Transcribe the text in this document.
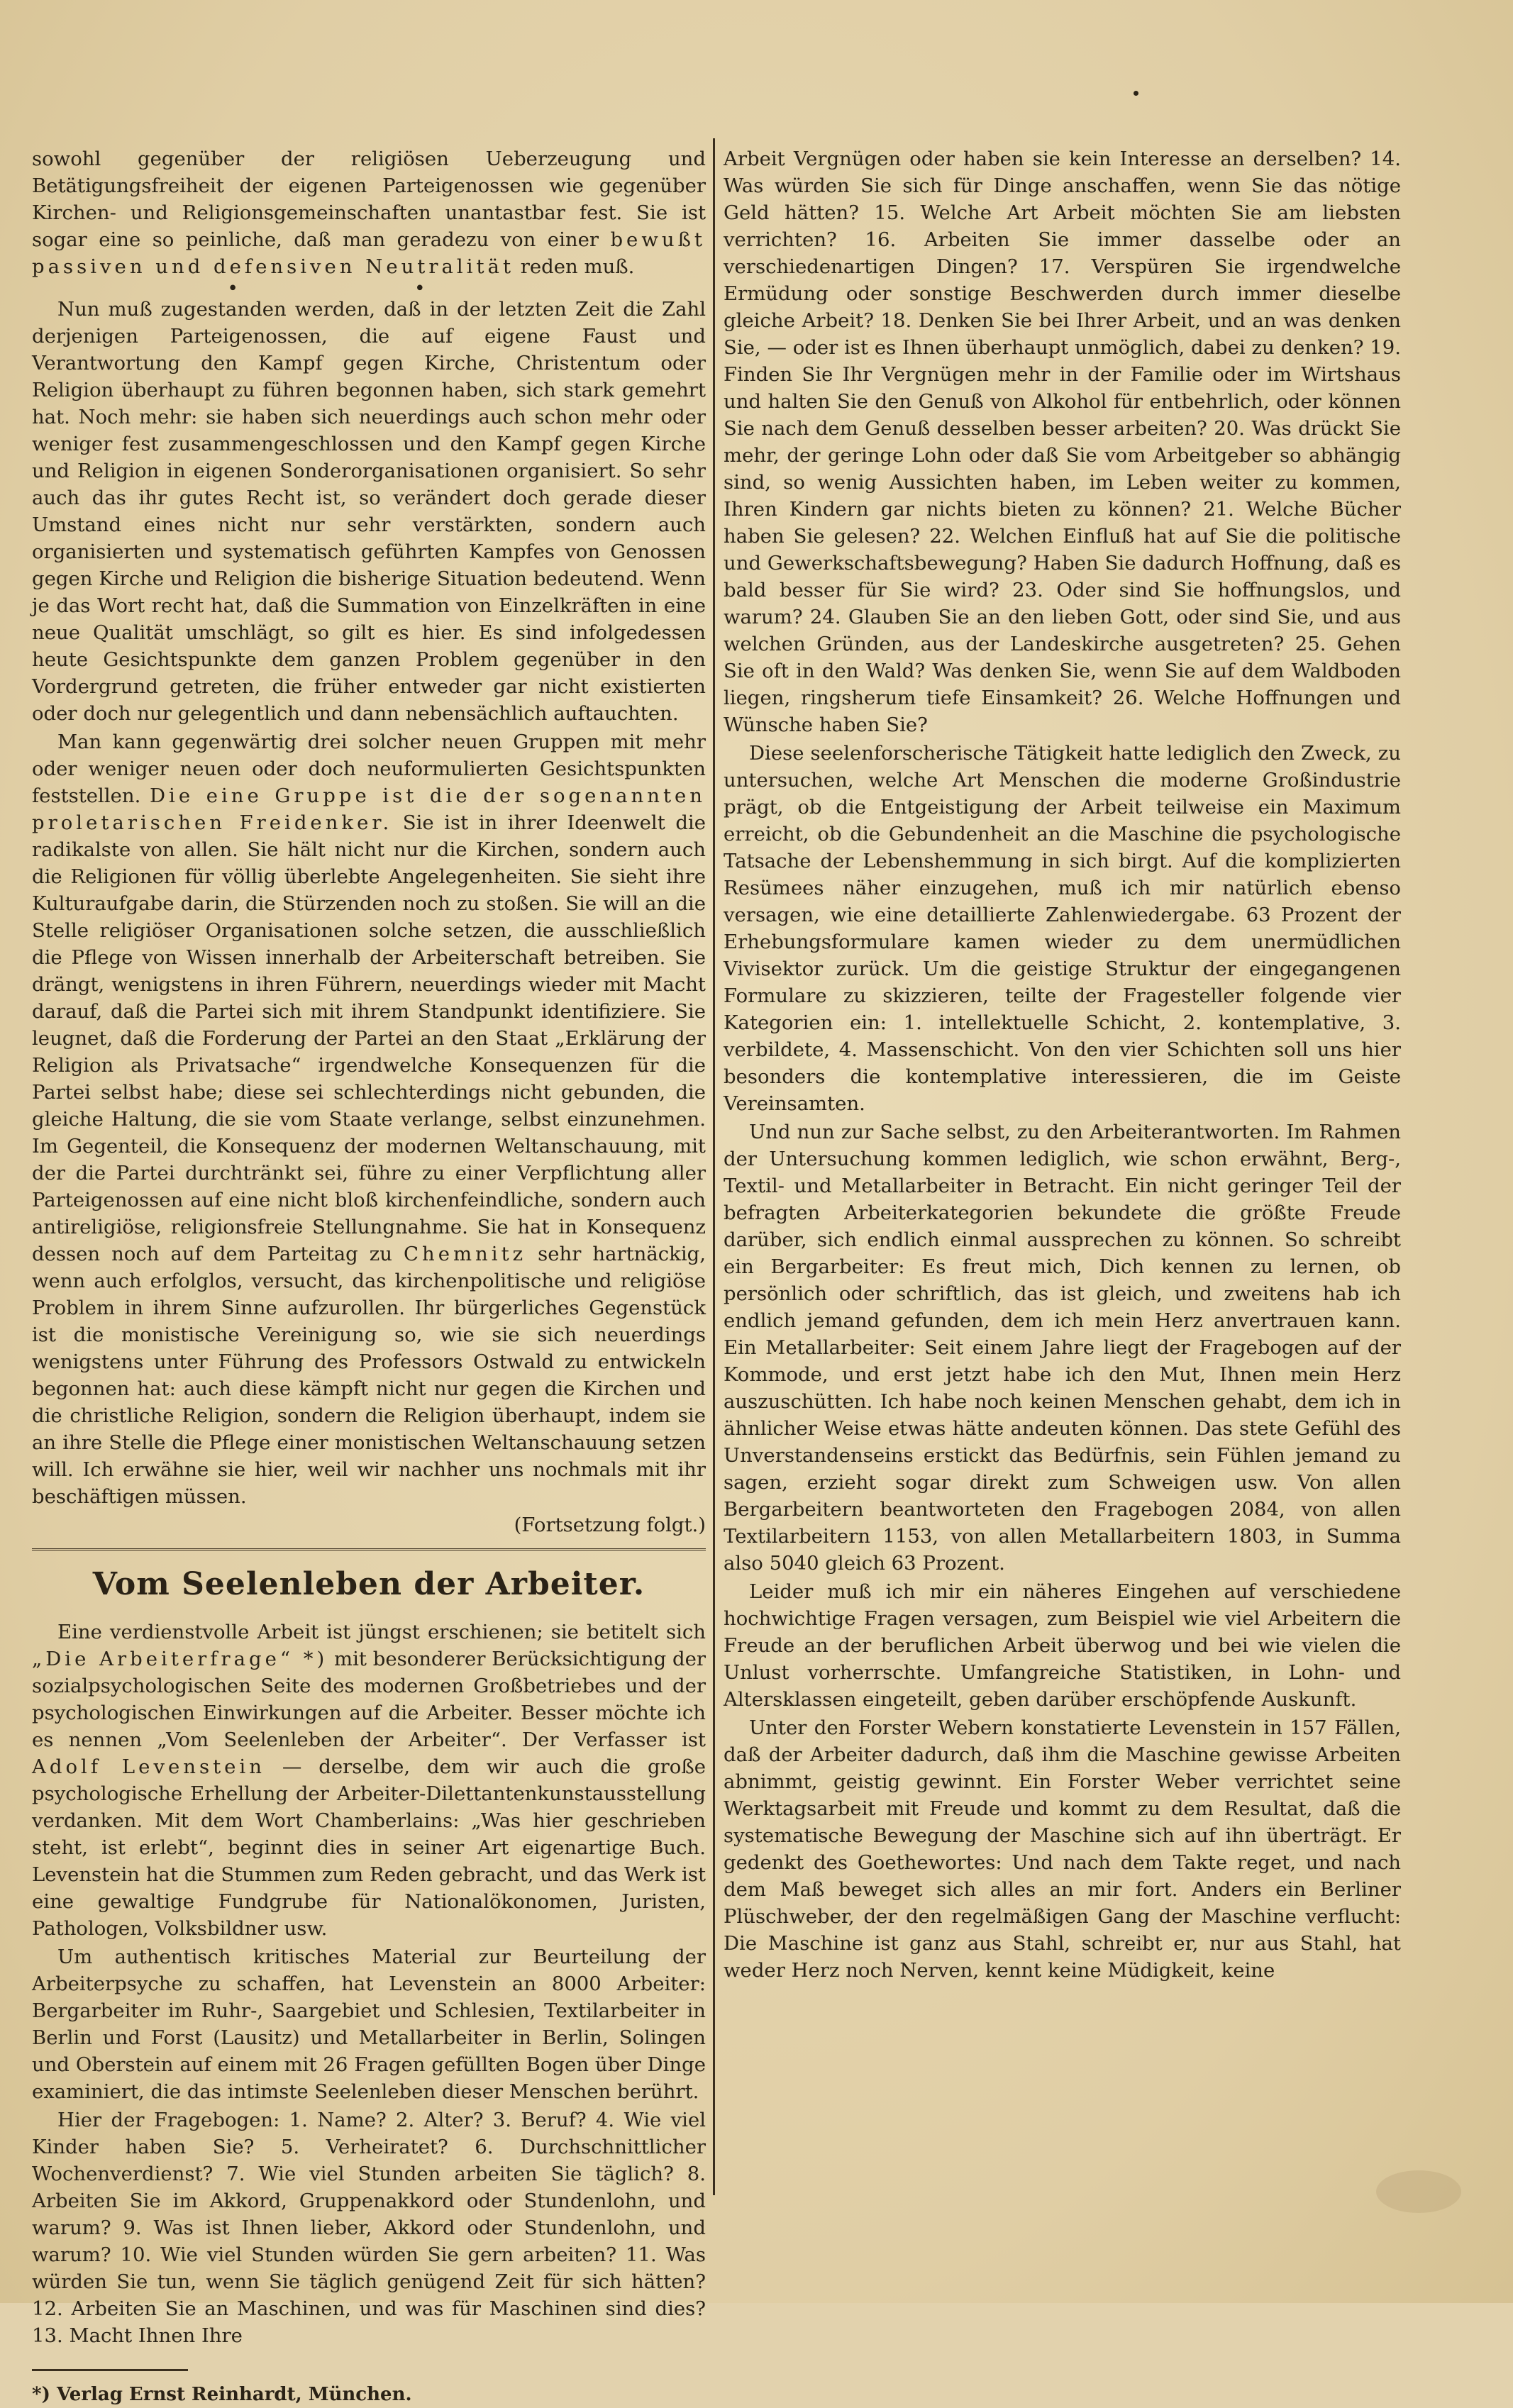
sowohl gegenüber der religiösen Ueberzeugung und Betätigungsfreiheit der eigenen Parteigenossen wie gegenüber Kirchen- und Religionsgemeinschaften unantastbar fest. Sie ist sogar eine so peinliche, daß man geradezu von einer bewußt passiven und defensiven Neutralität reden muß.

• •

Nun muß zugestanden werden, daß in der letzten Zeit die Zahl derjenigen Parteigenossen, die auf eigene Faust und Verantwortung den Kampf gegen Kirche, Christentum oder Religion überhaupt zu führen begonnen haben, sich stark gemehrt hat. Noch mehr: sie haben sich neuerdings auch schon mehr oder weniger fest zusammengeschlossen und den Kampf gegen Kirche und Religion in eigenen Sonderorganisationen organisiert. So sehr auch das ihr gutes Recht ist, so verändert doch gerade dieser Umstand eines nicht nur sehr verstärkten, sondern auch organisierten und systematisch geführten Kampfes von Genossen gegen Kirche und Religion die bisherige Situation bedeutend. Wenn je das Wort recht hat, daß die Summation von Einzelkräften in eine neue Qualität umschlägt, so gilt es hier. Es sind infolgedessen heute Gesichtspunkte dem ganzen Problem gegenüber in den Vordergrund getreten, die früher entweder gar nicht existierten oder doch nur gelegentlich und dann nebensächlich auftauchten.

Man kann gegenwärtig drei solcher neuen Gruppen mit mehr oder weniger neuen oder doch neuformulierten Gesichtspunkten feststellen. Die eine Gruppe ist die der sogenannten proletarischen Freidenker. Sie ist in ihrer Ideenwelt die radikalste von allen. Sie hält nicht nur die Kirchen, sondern auch die Religionen für völlig überlebte Angelegenheiten. Sie sieht ihre Kulturaufgabe darin, die Stürzenden noch zu stoßen. Sie will an die Stelle religiöser Organisationen solche setzen, die ausschließlich die Pflege von Wissen innerhalb der Arbeiterschaft betreiben. Sie drängt, wenigstens in ihren Führern, neuerdings wieder mit Macht darauf, daß die Partei sich mit ihrem Standpunkt identifiziere. Sie leugnet, daß die Forderung der Partei an den Staat „Erklärung der Religion als Privatsache“ irgendwelche Konsequenzen für die Partei selbst habe; diese sei schlechterdings nicht gebunden, die gleiche Haltung, die sie vom Staate verlange, selbst einzunehmen. Im Gegenteil, die Konsequenz der modernen Weltanschauung, mit der die Partei durchtränkt sei, führe zu einer Verpflichtung aller Parteigenossen auf eine nicht bloß kirchenfeindliche, sondern auch antireligiöse, religionsfreie Stellungnahme. Sie hat in Konsequenz dessen noch auf dem Parteitag zu Chemnitz sehr hartnäckig, wenn auch erfolglos, versucht, das kirchenpolitische und religiöse Problem in ihrem Sinne aufzurollen. Ihr bürgerliches Gegenstück ist die monistische Vereinigung so, wie sie sich neuerdings wenigstens unter Führung des Professors Ostwald zu entwickeln begonnen hat: auch diese kämpft nicht nur gegen die Kirchen und die christliche Religion, sondern die Religion überhaupt, indem sie an ihre Stelle die Pflege einer monistischen Weltanschauung setzen will. Ich erwähne sie hier, weil wir nachher uns nochmals mit ihr beschäftigen müssen.

(Fortsetzung folgt.)

Vom Seelenleben der Arbeiter.

Eine verdienstvolle Arbeit ist jüngst erschienen; sie betitelt sich „Die Arbeiterfrage“ *) mit besonderer Berücksichtigung der sozialpsychologischen Seite des modernen Großbetriebes und der psychologischen Einwirkungen auf die Arbeiter. Besser möchte ich es nennen „Vom Seelenleben der Arbeiter“. Der Verfasser ist Adolf Levenstein — derselbe, dem wir auch die große psychologische Erhellung der Arbeiter-Dilettantenkunstausstellung verdanken. Mit dem Wort Chamberlains: „Was hier geschrieben steht, ist erlebt“, beginnt dies in seiner Art eigenartige Buch. Levenstein hat die Stummen zum Reden gebracht, und das Werk ist eine gewaltige Fundgrube für Nationalökonomen, Juristen, Pathologen, Volksbildner usw.

Um authentisch kritisches Material zur Beurteilung der Arbeiterpsyche zu schaffen, hat Levenstein an 8000 Arbeiter: Bergarbeiter im Ruhr-, Saargebiet und Schlesien, Textilarbeiter in Berlin und Forst (Lausitz) und Metallarbeiter in Berlin, Solingen und Oberstein auf einem mit 26 Fragen gefüllten Bogen über Dinge examiniert, die das intimste Seelenleben dieser Menschen berührt.

Hier der Fragebogen: 1. Name? 2. Alter? 3. Beruf? 4. Wie viel Kinder haben Sie? 5. Verheiratet? 6. Durchschnittlicher Wochenverdienst? 7. Wie viel Stunden arbeiten Sie täglich? 8. Arbeiten Sie im Akkord, Gruppenakkord oder Stundenlohn, und warum? 9. Was ist Ihnen lieber, Akkord oder Stundenlohn, und warum? 10. Wie viel Stunden würden Sie gern arbeiten? 11. Was würden Sie tun, wenn Sie täglich genügend Zeit für sich hätten? 12. Arbeiten Sie an Maschinen, und was für Maschinen sind dies? 13. Macht Ihnen Ihre

*) Verlag Ernst Reinhardt, München.

Arbeit Vergnügen oder haben sie kein Interesse an derselben? 14. Was würden Sie sich für Dinge anschaffen, wenn Sie das nötige Geld hätten? 15. Welche Art Arbeit möchten Sie am liebsten verrichten? 16. Arbeiten Sie immer dasselbe oder an verschiedenartigen Dingen? 17. Verspüren Sie irgendwelche Ermüdung oder sonstige Beschwerden durch immer dieselbe gleiche Arbeit? 18. Denken Sie bei Ihrer Arbeit, und an was denken Sie, — oder ist es Ihnen überhaupt unmöglich, dabei zu denken? 19. Finden Sie Ihr Vergnügen mehr in der Familie oder im Wirtshaus und halten Sie den Genuß von Alkohol für entbehrlich, oder können Sie nach dem Genuß desselben besser arbeiten? 20. Was drückt Sie mehr, der geringe Lohn oder daß Sie vom Arbeitgeber so abhängig sind, so wenig Aussichten haben, im Leben weiter zu kommen, Ihren Kindern gar nichts bieten zu können? 21. Welche Bücher haben Sie gelesen? 22. Welchen Einfluß hat auf Sie die politische und Gewerkschaftsbewegung? Haben Sie dadurch Hoffnung, daß es bald besser für Sie wird? 23. Oder sind Sie hoffnungslos, und warum? 24. Glauben Sie an den lieben Gott, oder sind Sie, und aus welchen Gründen, aus der Landeskirche ausgetreten? 25. Gehen Sie oft in den Wald? Was denken Sie, wenn Sie auf dem Waldboden liegen, ringsherum tiefe Einsamkeit? 26. Welche Hoffnungen und Wünsche haben Sie?

Diese seelenforscherische Tätigkeit hatte lediglich den Zweck, zu untersuchen, welche Art Menschen die moderne Großindustrie prägt, ob die Entgeistigung der Arbeit teilweise ein Maximum erreicht, ob die Gebundenheit an die Maschine die psychologische Tatsache der Lebenshemmung in sich birgt. Auf die komplizierten Resümees näher einzugehen, muß ich mir natürlich ebenso versagen, wie eine detaillierte Zahlenwiedergabe. 63 Prozent der Erhebungsformulare kamen wieder zu dem unermüdlichen Vivisektor zurück. Um die geistige Struktur der eingegangenen Formulare zu skizzieren, teilte der Fragesteller folgende vier Kategorien ein: 1. intellektuelle Schicht, 2. kontemplative, 3. verbildete, 4. Massenschicht. Von den vier Schichten soll uns hier besonders die kontemplative interessieren, die im Geiste Vereinsamten.

Und nun zur Sache selbst, zu den Arbeiterantworten. Im Rahmen der Untersuchung kommen lediglich, wie schon erwähnt, Berg-, Textil- und Metallarbeiter in Betracht. Ein nicht geringer Teil der befragten Arbeiterkategorien bekundete die größte Freude darüber, sich endlich einmal aussprechen zu können. So schreibt ein Bergarbeiter: Es freut mich, Dich kennen zu lernen, ob persönlich oder schriftlich, das ist gleich, und zweitens hab ich endlich jemand gefunden, dem ich mein Herz anvertrauen kann. Ein Metallarbeiter: Seit einem Jahre liegt der Fragebogen auf der Kommode, und erst jetzt habe ich den Mut, Ihnen mein Herz auszuschütten. Ich habe noch keinen Menschen gehabt, dem ich in ähnlicher Weise etwas hätte andeuten können. Das stete Gefühl des Unverstandenseins erstickt das Bedürfnis, sein Fühlen jemand zu sagen, erzieht sogar direkt zum Schweigen usw. Von allen Bergarbeitern beantworteten den Fragebogen 2084, von allen Textilarbeitern 1153, von allen Metallarbeitern 1803, in Summa also 5040 gleich 63 Prozent.

Leider muß ich mir ein näheres Eingehen auf verschiedene hochwichtige Fragen versagen, zum Beispiel wie viel Arbeitern die Freude an der beruflichen Arbeit überwog und bei wie vielen die Unlust vorherrschte. Umfangreiche Statistiken, in Lohn- und Altersklassen eingeteilt, geben darüber erschöpfende Auskunft.

Unter den Forster Webern konstatierte Levenstein in 157 Fällen, daß der Arbeiter dadurch, daß ihm die Maschine gewisse Arbeiten abnimmt, geistig gewinnt. Ein Forster Weber verrichtet seine Werktagsarbeit mit Freude und kommt zu dem Resultat, daß die systematische Bewegung der Maschine sich auf ihn überträgt. Er gedenkt des Goethewortes: Und nach dem Takte reget, und nach dem Maß beweget sich alles an mir fort. Anders ein Berliner Plüschweber, der den regelmäßigen Gang der Maschine verflucht: Die Maschine ist ganz aus Stahl, schreibt er, nur aus Stahl, hat weder Herz noch Nerven, kennt keine Müdigkeit, keine
